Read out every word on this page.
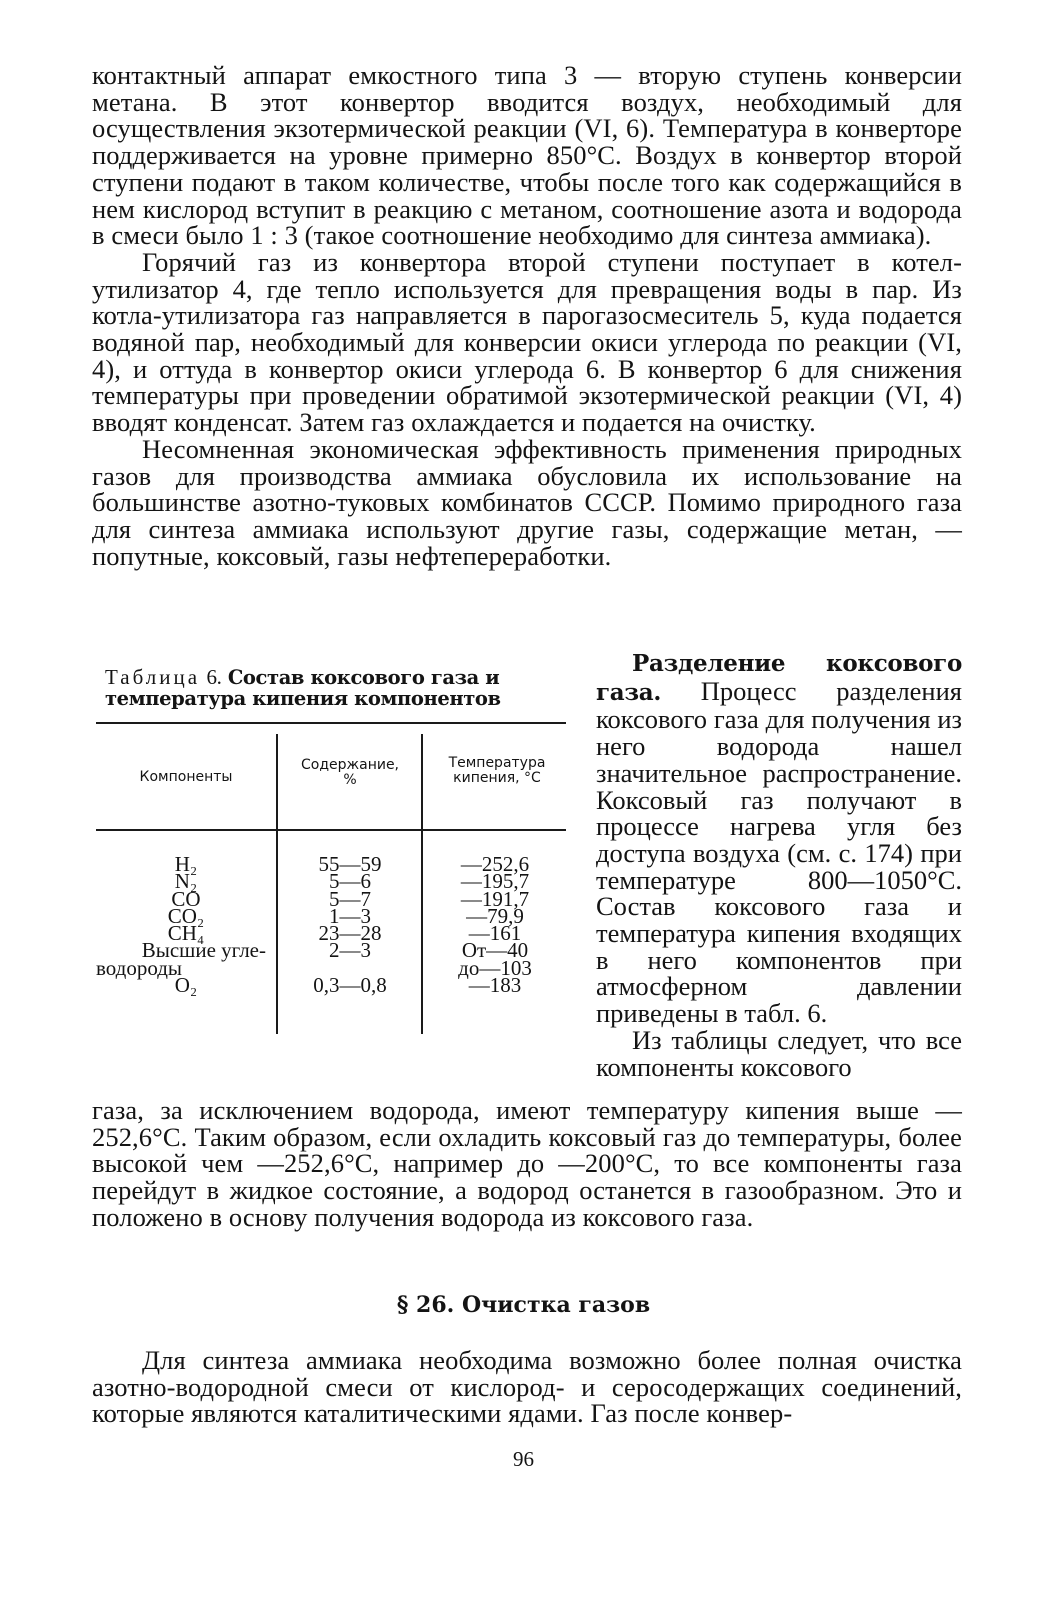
контактный аппарат емкостного типа 3 — вторую ступень конверсии метана. В этот конвертор вводится воздух, необходимый для осуществления экзотермической реакции (VI, 6). Температура в конверторе поддерживается на уровне примерно 850°С. Воздух в конвертор второй ступени подают в таком количестве, чтобы после того как содержащийся в нем кислород вступит в реакцию с метаном, соотношение азота и водорода в смеси было 1 : 3 (такое соотношение необходимо для синтеза аммиака).

Горячий газ из конвертора второй ступени поступает в котел-утилизатор 4, где тепло используется для превращения воды в пар. Из котла-утилизатора газ направляется в парогазосмеситель 5, куда подается водяной пар, необходимый для конверсии окиси углерода по реакции (VI, 4), и оттуда в конвертор окиси углерода 6. В конвертор 6 для снижения температуры при проведении обратимой экзотермической реакции (VI, 4) вводят конденсат. Затем газ охлаждается и подается на очистку.

Несомненная экономическая эффективность применения природных газов для производства аммиака обусловила их использование на большинстве азотно-туковых комбинатов СССР. Помимо природного газа для синтеза аммиака используют другие газы, содержащие метан, — попутные, коксовый, газы нефтепереработки.

Таблица 6. Состав коксового газа и температура кипения компонентов
Компоненты
Содержание, %
Температура кипения, °С
H₂
N₂
CO
CO₂
CH₄
Высшие угле-
водороды
O₂
55—59
5—6
5—7
1—3
23—28
2—3
0,3—0,8
—252,6
—195,7
—191,7
—79,9
—161
От—40
до—103
—183

Разделение коксового газа. Процесс разделения коксового газа для получения из него водорода нашел значительное распространение. Коксовый газ получают в процессе нагрева угля без доступа воздуха (см. с. 174) при температуре 800—1050°С. Состав коксового газа и температура кипения входящих в него компонентов при атмосферном давлении приведены в табл. 6.

Из таблицы следует, что все компоненты коксового

газа, за исключением водорода, имеют температуру кипения выше —252,6°С. Таким образом, если охладить коксовый газ до температуры, более высокой чем —252,6°С, например до —200°С, то все компоненты газа перейдут в жидкое состояние, а водород останется в газообразном. Это и положено в основу получения водорода из коксового газа.

§ 26. Очистка газов

Для синтеза аммиака необходима возможно более полная очистка азотно-водородной смеси от кислород- и серосодержащих соединений, которые являются каталитическими ядами. Газ после конвер-

96
